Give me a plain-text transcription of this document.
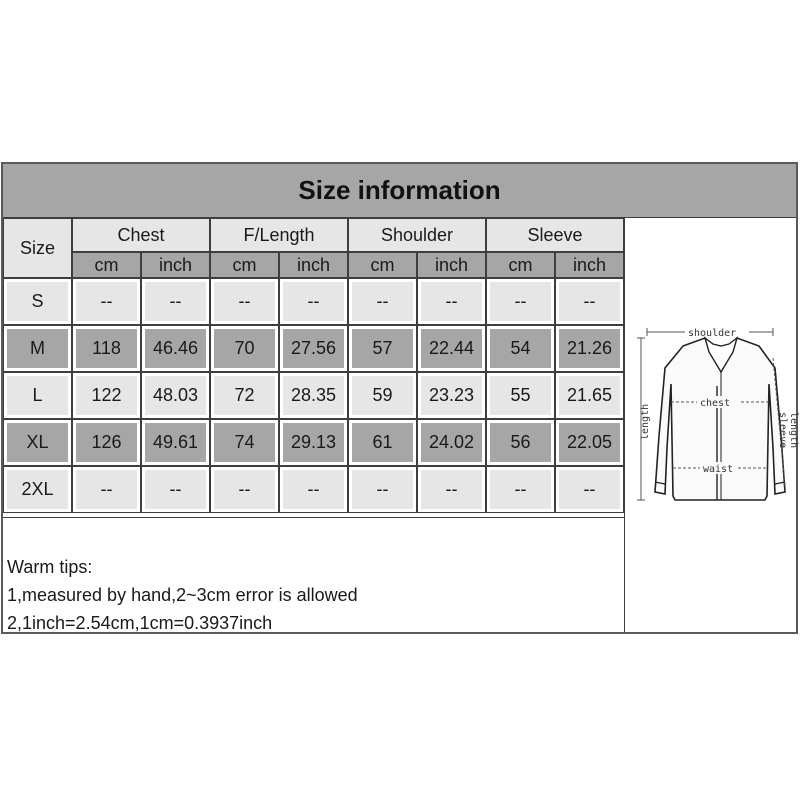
Size information
Size
Chest
cm	inch
F/Length
cm	inch
Shoulder
cm	inch
Sleeve
cm	inch
S	--	--	--	--	--	--	--	--
M	118	46.46	70	27.56	57	22.44	54	21.26
L	122	48.03	72	28.35	59	23.23	55	21.65
XL	126	49.61	74	29.13	61	24.02	56	22.05
2XL	--	--	--	--	--	--	--	--
Warm tips:
1,measured by hand,2~3cm error is allowed
2,1inch=2.54cm,1cm=0.3937inch
shoulder
chest
waist
length	sleeve length
